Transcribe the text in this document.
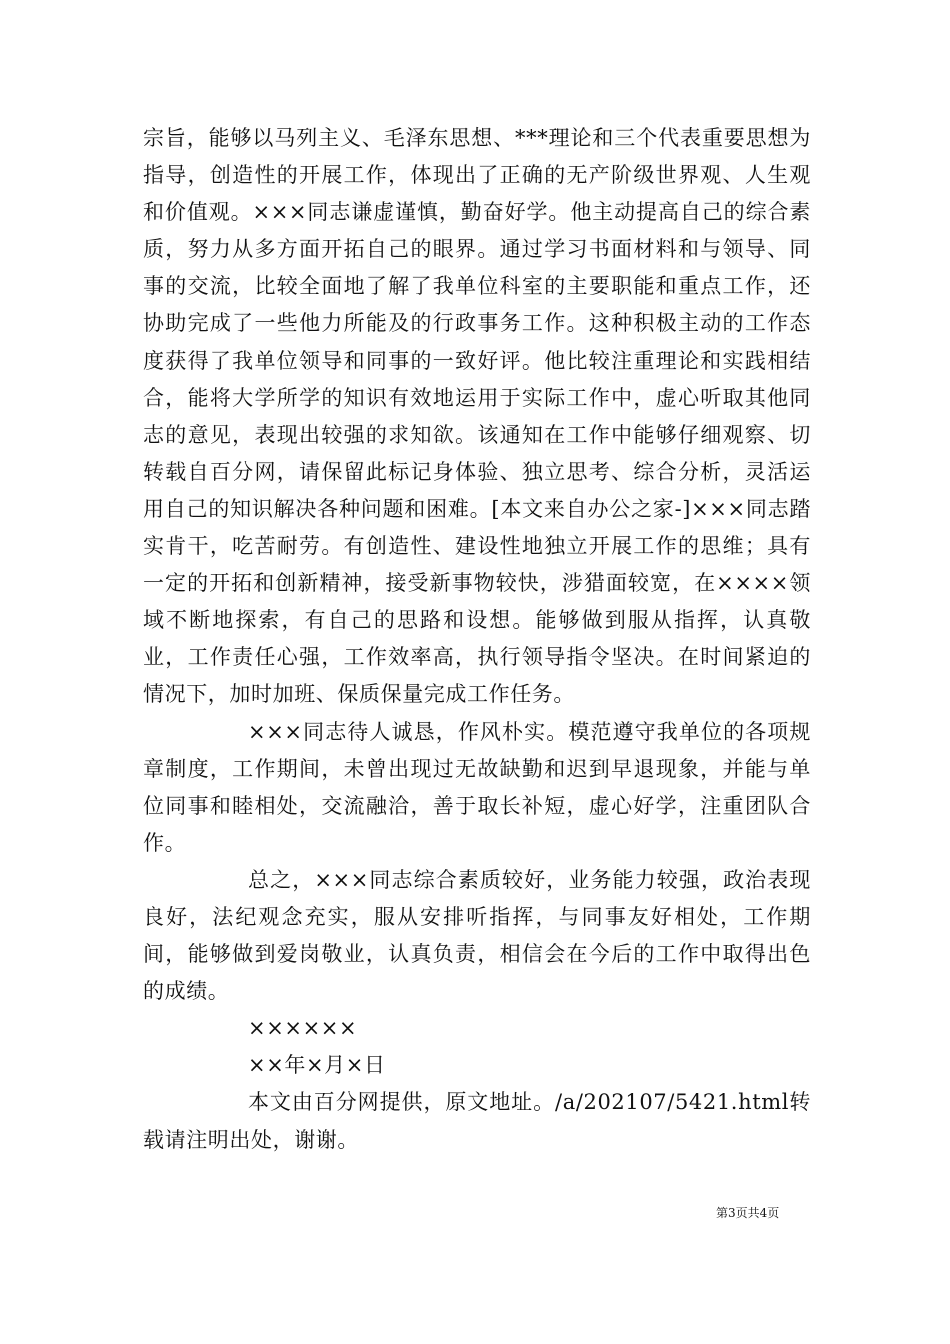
宗旨，能够以马列主义、毛泽东思想、***理论和三个代表重要思想为指导，创造性的开展工作，体现出了正确的无产阶级世界观、人生观和价值观。×××同志谦虚谨慎，勤奋好学。他主动提高自己的综合素质，努力从多方面开拓自己的眼界。通过学习书面材料和与领导、同事的交流，比较全面地了解了我单位科室的主要职能和重点工作，还协助完成了一些他力所能及的行政事务工作。这种积极主动的工作态度获得了我单位领导和同事的一致好评。他比较注重理论和实践相结合，能将大学所学的知识有效地运用于实际工作中，虚心听取其他同志的意见，表现出较强的求知欲。该通知在工作中能够仔细观察、切转载自百分网，请保留此标记身体验、独立思考、综合分析，灵活运用自己的知识解决各种问题和困难。[本文来自办公之家-]×××同志踏实肯干，吃苦耐劳。有创造性、建设性地独立开展工作的思维；具有一定的开拓和创新精神，接受新事物较快，涉猎面较宽，在××××领域不断地探索，有自己的思路和设想。能够做到服从指挥，认真敬业，工作责任心强，工作效率高，执行领导指令坚决。在时间紧迫的情况下，加时加班、保质保量完成工作任务。

×××同志待人诚恳，作风朴实。模范遵守我单位的各项规章制度，工作期间，未曾出现过无故缺勤和迟到早退现象，并能与单位同事和睦相处，交流融洽，善于取长补短，虚心好学，注重团队合作。

总之，×××同志综合素质较好，业务能力较强，政治表现良好，法纪观念充实，服从安排听指挥，与同事友好相处，工作期间，能够做到爱岗敬业，认真负责，相信会在今后的工作中取得出色的成绩。

××××××

××年×月×日

本文由百分网提供，原文地址。/a/202107/5421.html转载请注明出处，谢谢。

第3页共4页
